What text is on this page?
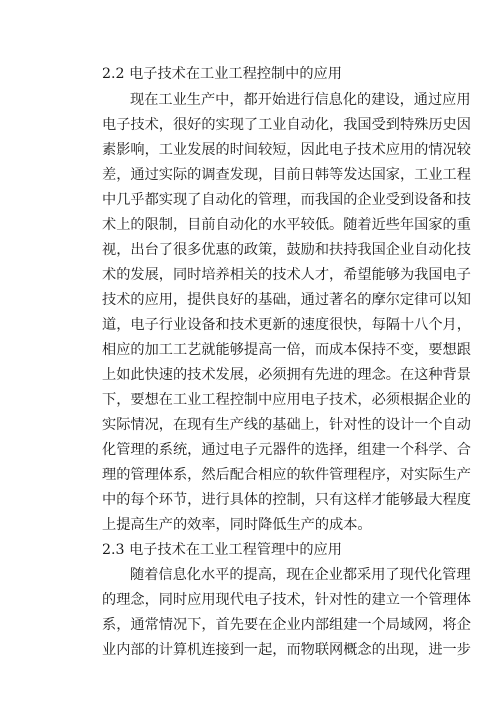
2.2 电子技术在工业工程控制中的应用
现在工业生产中，都开始进行信息化的建设，通过应用
电子技术，很好的实现了工业自动化，我国受到特殊历史因
素影响，工业发展的时间较短，因此电子技术应用的情况较
差，通过实际的调查发现，目前日韩等发达国家，工业工程
中几乎都实现了自动化的管理，而我国的企业受到设备和技
术上的限制，目前自动化的水平较低。随着近些年国家的重
视，出台了很多优惠的政策，鼓励和扶持我国企业自动化技
术的发展，同时培养相关的技术人才，希望能够为我国电子
技术的应用，提供良好的基础，通过著名的摩尔定律可以知
道，电子行业设备和技术更新的速度很快，每隔十八个月，
相应的加工工艺就能够提高一倍，而成本保持不变，要想跟
上如此快速的技术发展，必须拥有先进的理念。在这种背景
下，要想在工业工程控制中应用电子技术，必须根据企业的
实际情况，在现有生产线的基础上，针对性的设计一个自动
化管理的系统，通过电子元器件的选择，组建一个科学、合
理的管理体系，然后配合相应的软件管理程序，对实际生产
中的每个环节，进行具体的控制，只有这样才能够最大程度
上提高生产的效率，同时降低生产的成本。
2.3 电子技术在工业工程管理中的应用
随着信息化水平的提高，现在企业都采用了现代化管理
的理念，同时应用现代电子技术，针对性的建立一个管理体
系，通常情况下，首先要在企业内部组建一个局域网，将企
业内部的计算机连接到一起，而物联网概念的出现，进一步
